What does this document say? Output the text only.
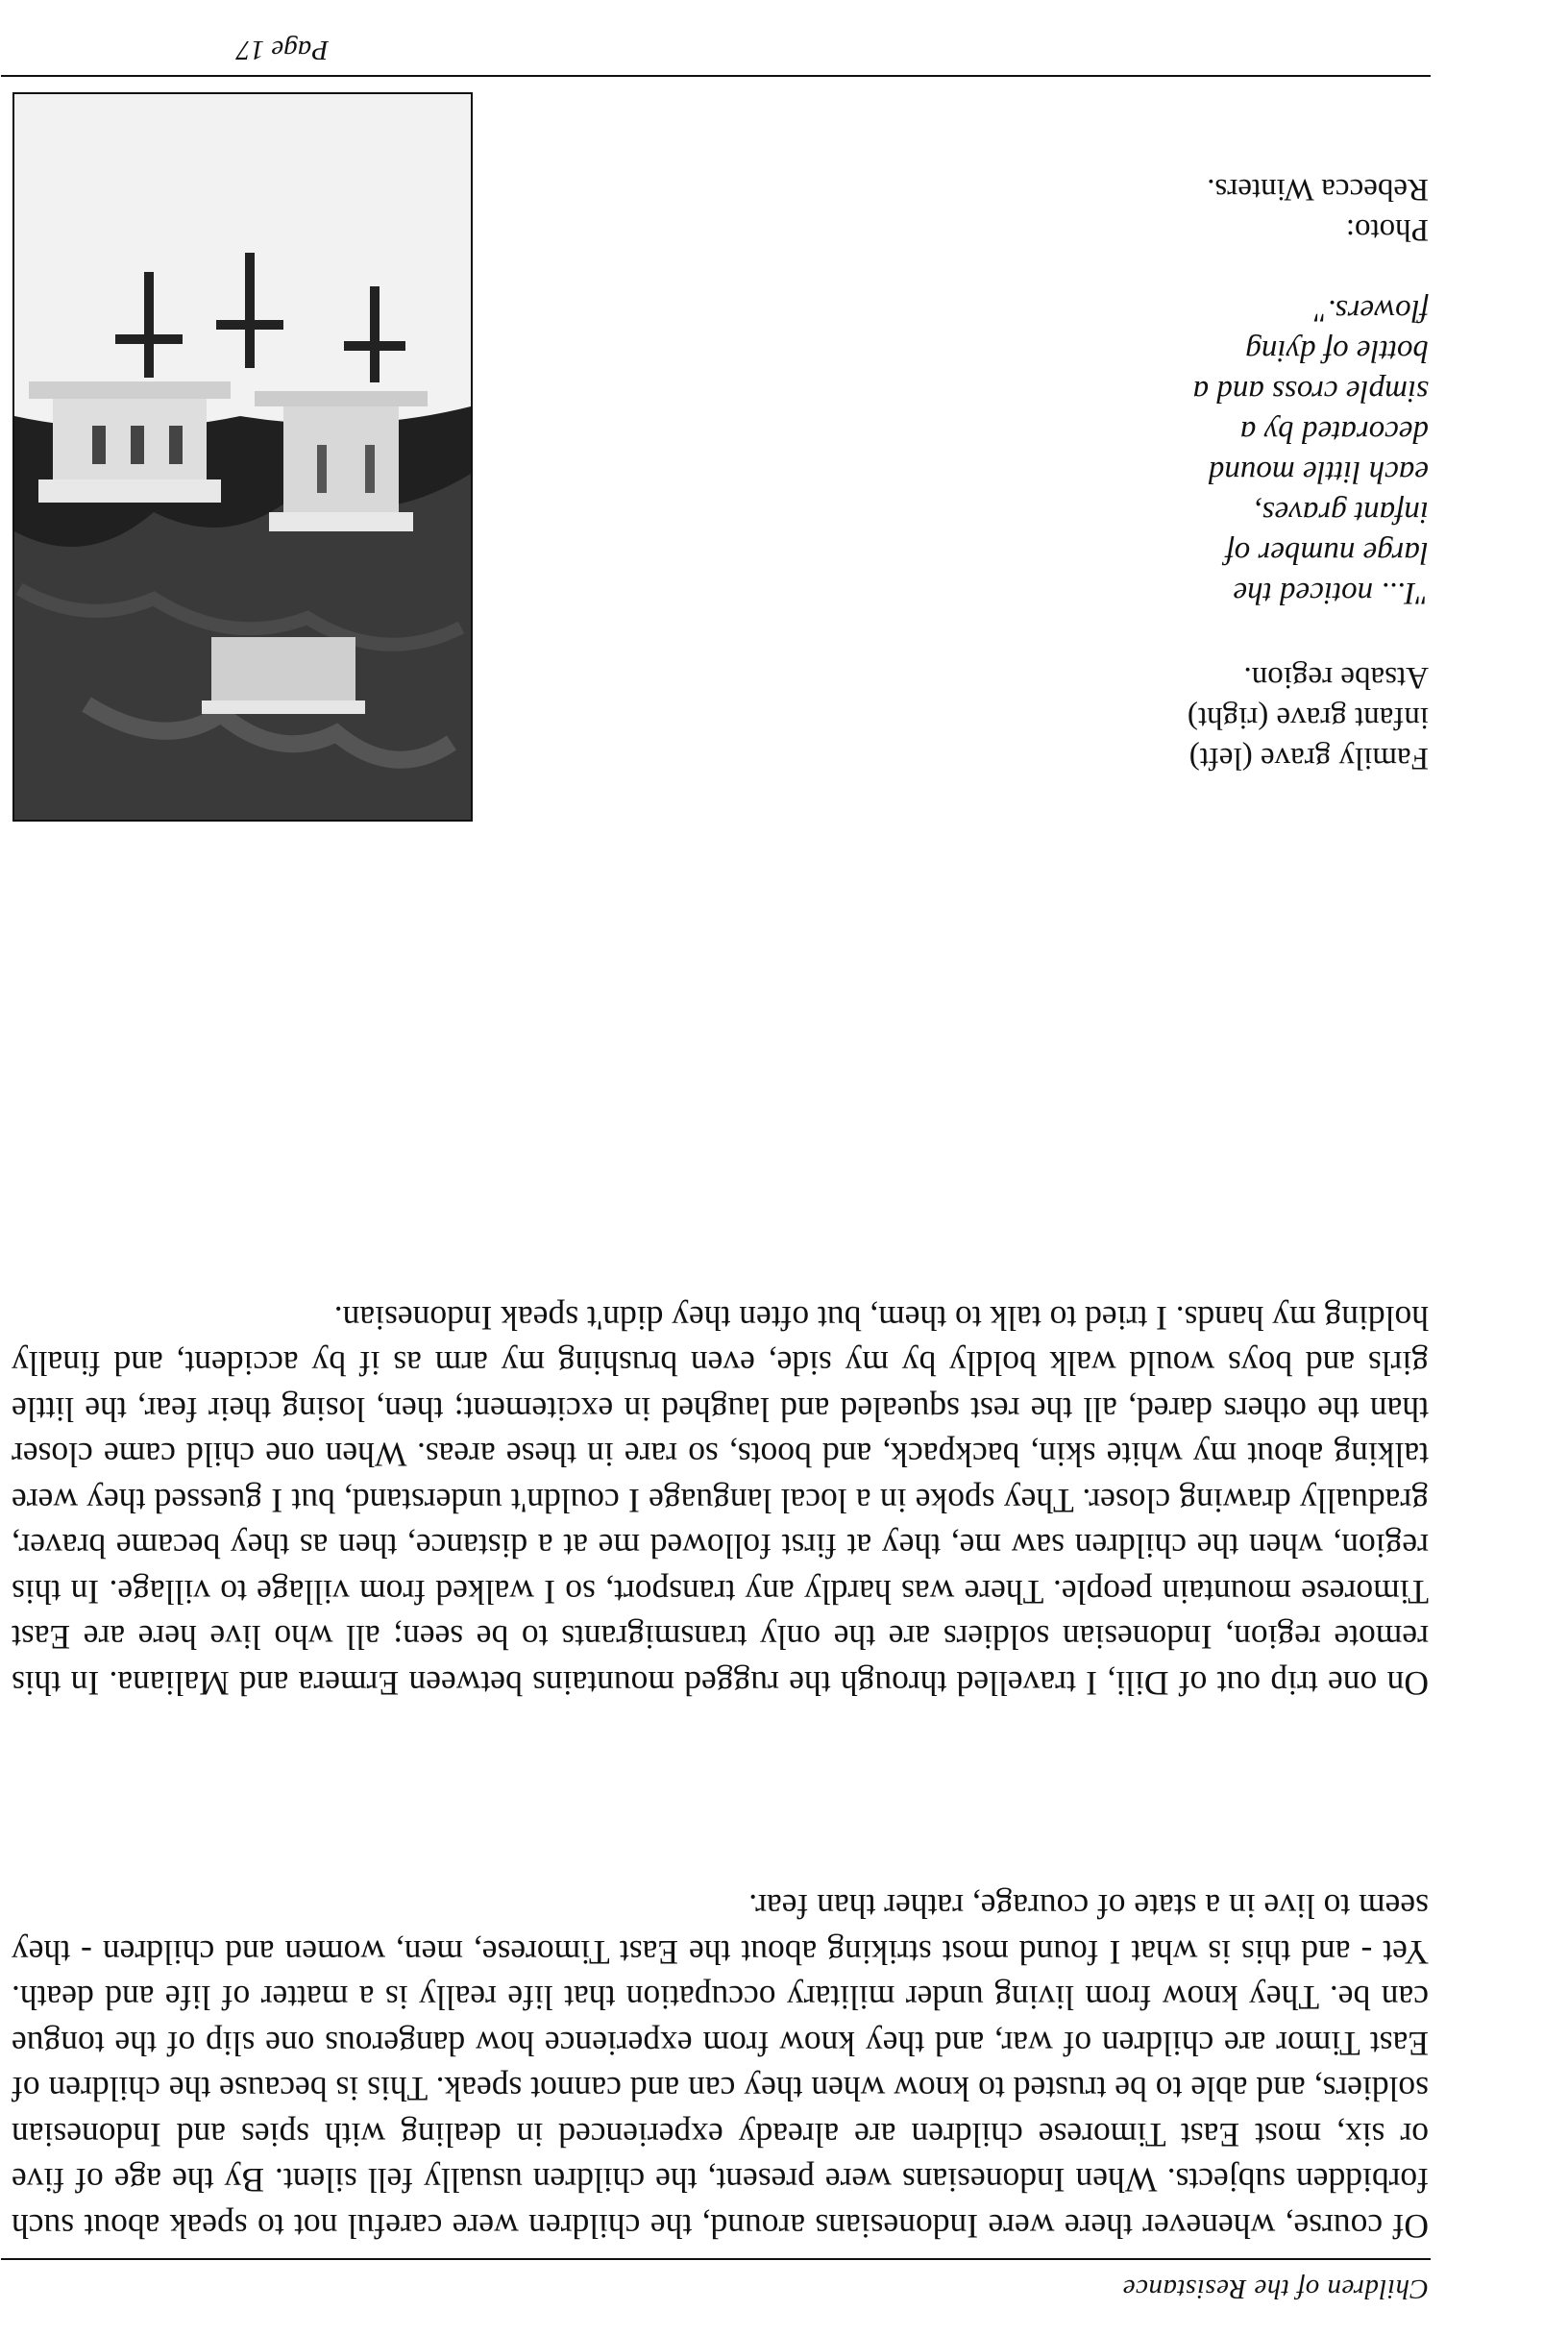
Children of the Resistance

Of course, whenever there were Indonesians around, the children were careful not to speak about such forbidden subjects. When Indonesians were present, the children usually fell silent. By the age of five or six, most East Timorese children are already experienced in dealing with spies and Indonesian soldiers, and able to be trusted to know when they can and cannot speak. This is because the children of East Timor are children of war, and they know from experience how dangerous one slip of the tongue can be. They know from living under military occupation that life really is a matter of life and death. Yet - and this is what I found most striking about the East Timorese, men, women and children - they seem to live in a state of courage, rather than fear.

On one trip out of Dili, I travelled through the rugged mountains between Ermera and Maliana. In this remote region, Indonesian soldiers are the only transmigrants to be seen; all who live here are East Timorese mountain people. There was hardly any transport, so I walked from village to village. In this region, when the children saw me, they at first followed me at a distance, then as they became braver, gradually drawing closer. They spoke in a local language I couldn't understand, but I guessed they were talking about my white skin, backpack, and boots, so rare in these areas. When one child came closer than the others dared, all the rest squealed and laughed in excitement; then, losing their fear, the little girls and boys would walk boldly by my side, even brushing my arm as if by accident, and finally holding my hands. I tried to talk to them, but often they didn't speak Indonesian.

Family grave (left)
infant grave (right)
Atsabe region.
"I... noticed the
large number of
infant graves,
each little mound
decorated by a
simple cross and a
bottle of dying
flowers."
Photo:
Rebecca Winters.
Page 17
